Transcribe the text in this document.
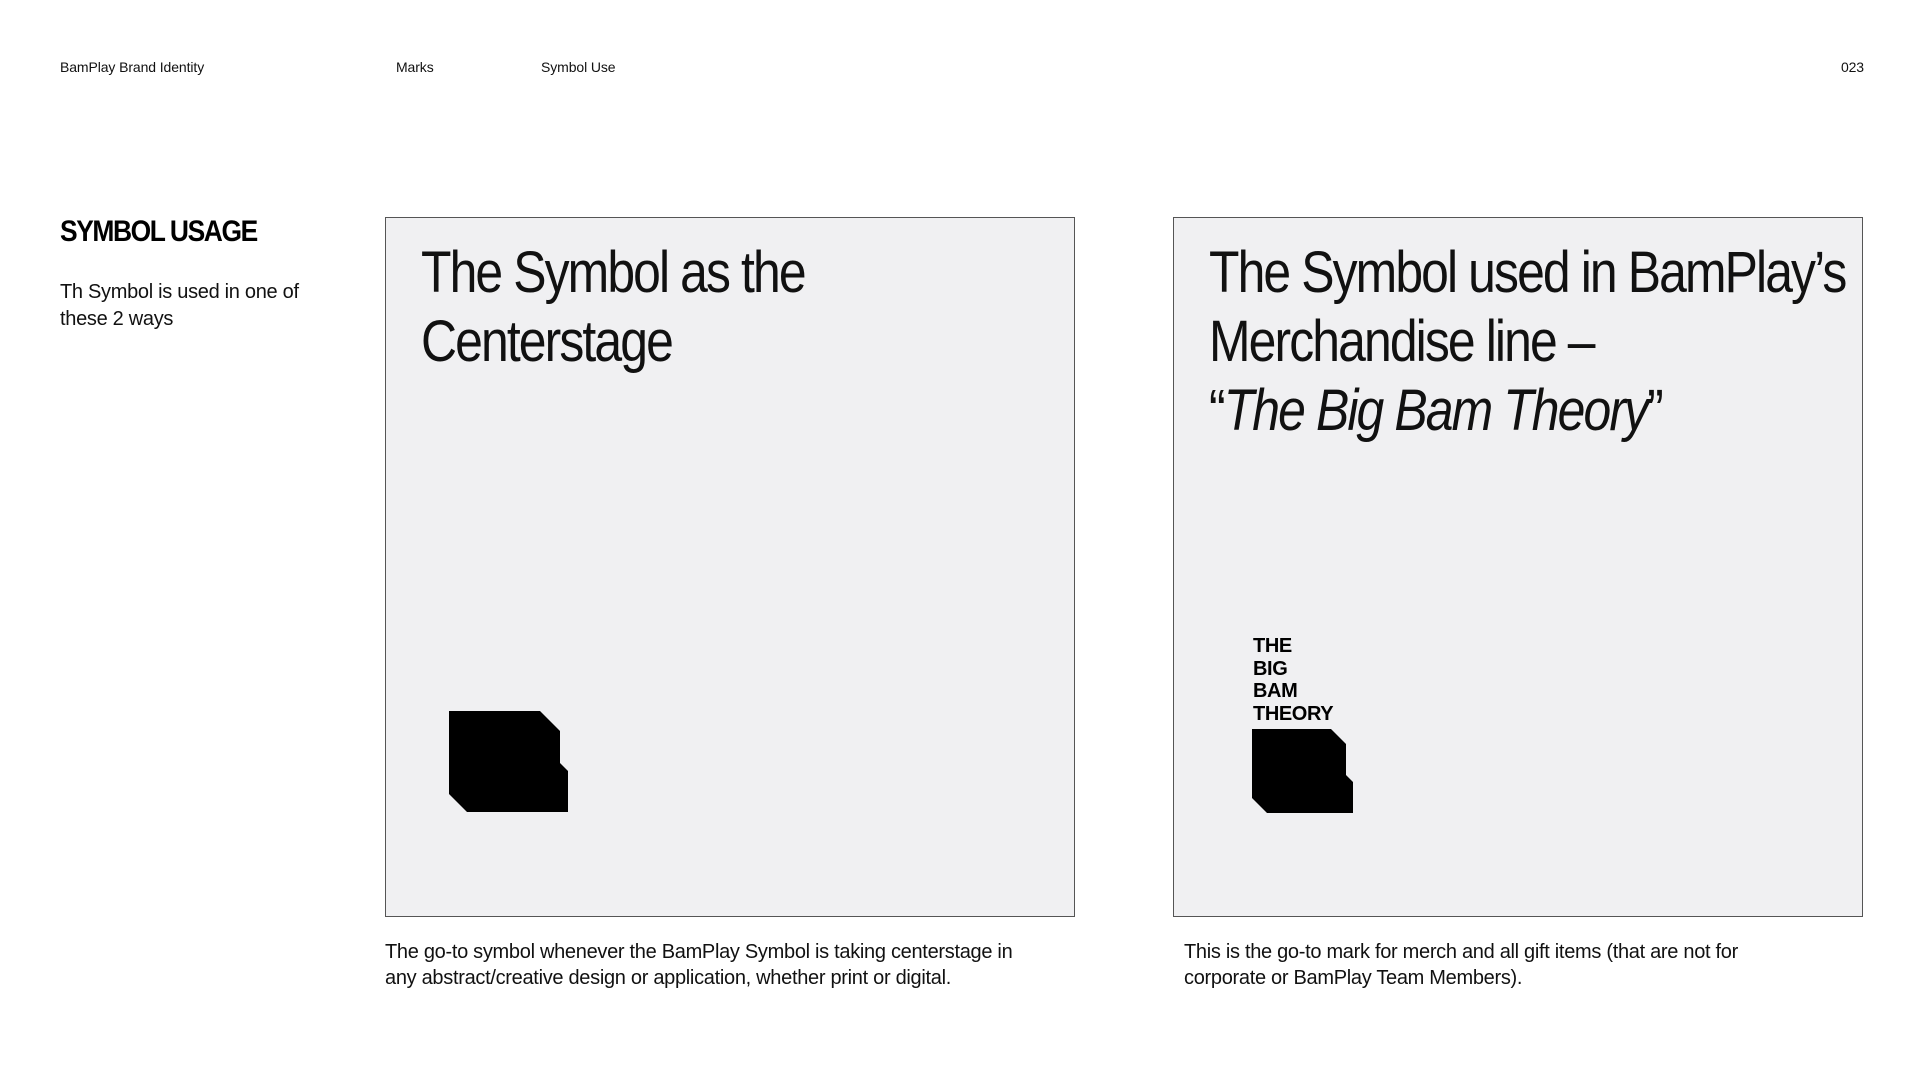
BamPlay Brand Identity	Marks	Symbol Use	023
SYMBOL USAGE

Th Symbol is used in one of these 2 ways

The Symbol as the
Centerstage
The Symbol used in BamPlay’s
Merchandise line –
“The Big Bam Theory”
THE
BIG
BAM
THEORY

The go-to symbol whenever the BamPlay Symbol is taking centerstage in any abstract/creative design or application, whether print or digital.

This is the go-to mark for merch and all gift items (that are not for corporate or BamPlay Team Members).
